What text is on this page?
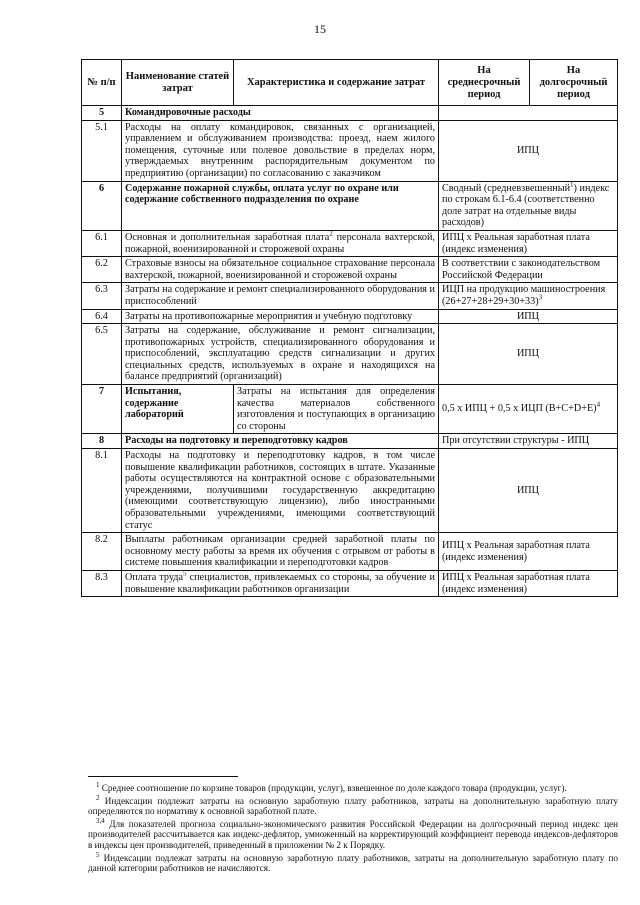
15
№ п/п	Наименование статей затрат	Характеристика и содержание затрат	На среднесрочный период	На долгосрочный период
5	Командировочные расходы			
5.1	Расходы на оплату командировок, связанных с организацией, управлением и обслуживанием производства: проезд, наем жилого помещения, суточные или полевое довольствие в пределах норм, утверждаемых внутренним распорядительным документом по предприятию (организации) по согласованию с заказчиком		ИПЦ	
6	Содержание пожарной службы, оплата услуг по охране или содержание собственного подразделения по охране		Сводный (средневзвешенный$^1$) индекс по строкам 6.1-6.4 (соответственно доле затрат на отдельные виды расходов)	
6.1	Основная и дополнительная заработная плата$^2$ персонала вахтерской, пожарной, военизированной и сторожевой охраны		ИПЦ x Реальная заработная плата (индекс изменения)	
6.2	Страховые взносы на обязательное социальное страхование персонала вахтерской, пожарной, военизированной и сторожевой охраны		В соответствии с законодательством Российской Федерации	
6.3	Затраты на содержание и ремонт специализированного оборудования и приспособлений		ИЦП на продукцию машиностроения $(26+27+28+29+30+33)^3$
6.4	Затраты на противопожарные мероприятия и учебную подготовку		ИПЦ	
6.5	Затраты на содержание, обслуживание и ремонт сигнализации, противопожарных устройств, специализированного оборудования и приспособлений, эксплуатацию средств сигнализации и других специальных средств, используемых в охране и находящихся на балансе предприятий (организаций)		ИПЦ	
7	Испытания, содержание лабораторий	Затраты на испытания для определения качества материалов собственного изготовления и поступающих в организацию со стороны	0,5 x ИПЦ + 0,5 x ИЦП $(B+C+D+E)^4$
8	Расходы на подготовку и переподготовку кадров		При отсутствии структуры - ИПЦ	
8.1	Расходы на подготовку и переподготовку кадров, в том числе повышение квалификации работников, состоящих в штате. Указанные работы осуществляются на контрактной основе с образовательными учреждениями, получившими государственную аккредитацию (имеющими соответствующую лицензию), либо иностранными образовательными учреждениями, имеющими соответствующий статус		ИПЦ	
8.2	Выплаты работникам организации средней заработной платы по основному месту работы за время их обучения с отрывом от работы в системе повышения квалификации и переподготовки кадров		ИПЦ x Реальная заработная плата (индекс изменения)	
8.3	Оплата труда$^5$ специалистов, привлекаемых со стороны, за обучение и повышение квалификации работников организации		ИПЦ x Реальная заработная плата (индекс изменения)	

$^1$ Среднее соотношение по корзине товаров (продукции, услуг), взвешенное по доле каждого товара (продукции, услуг).

$^2$ Индексации подлежат затраты на основную заработную плату работников, затраты на дополнительную заработную плату определяются по нормативу к основной заработной плате.

$^{3,4}$ Для показателей прогноза социально-экономического развития Российской Федерации на долгосрочный период индекс цен производителей рассчитывается как индекс-дефлятор, умноженный на корректирующий коэффициент перевода индексов-дефляторов в индексы цен производителей, приведенный в приложении № 2 к Порядку.

$^5$ Индексации подлежат затраты на основную заработную плату работников, затраты на дополнительную заработную плату по данной категории работников не начисляются.
